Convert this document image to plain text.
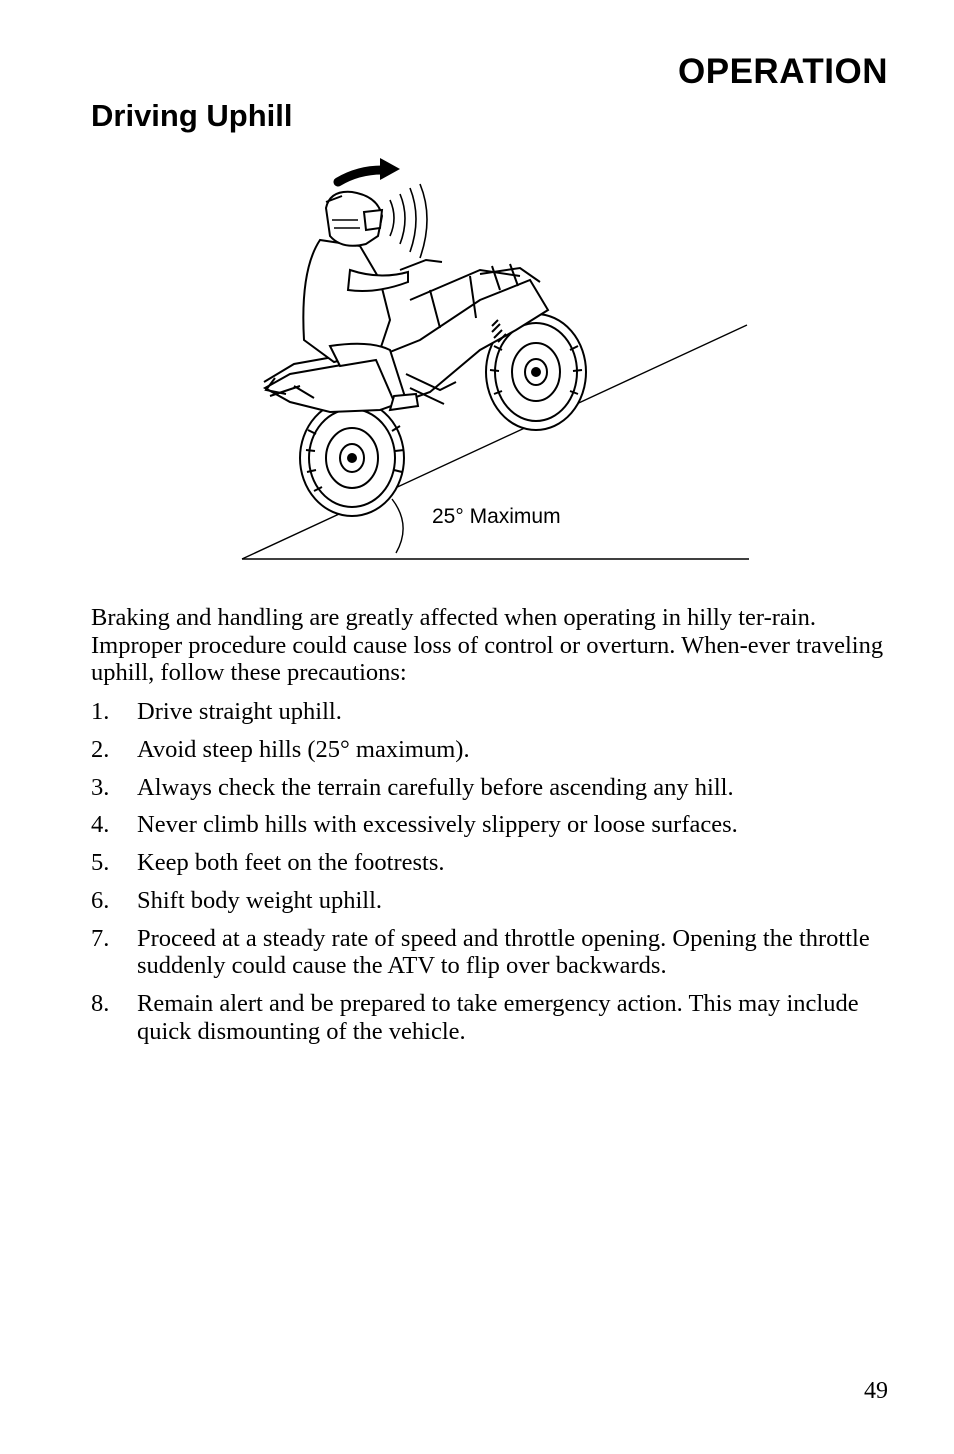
OPERATION
Driving Uphill
25° Maximum

Braking and handling are greatly affected when operating in hilly ter-rain. Improper procedure could cause loss of control or overturn. When-ever traveling uphill, follow these precautions:

1. Drive straight uphill.
2. Avoid steep hills (25° maximum).
3. Always check the terrain carefully before ascending any hill.
4. Never climb hills with excessively slippery or loose surfaces.
5. Keep both feet on the footrests.
6. Shift body weight uphill.
7. Proceed at a steady rate of speed and throttle opening. Opening the throttle suddenly could cause the ATV to flip over backwards.
8. Remain alert and be prepared to take emergency action. This may include quick dismounting of the vehicle.
49
